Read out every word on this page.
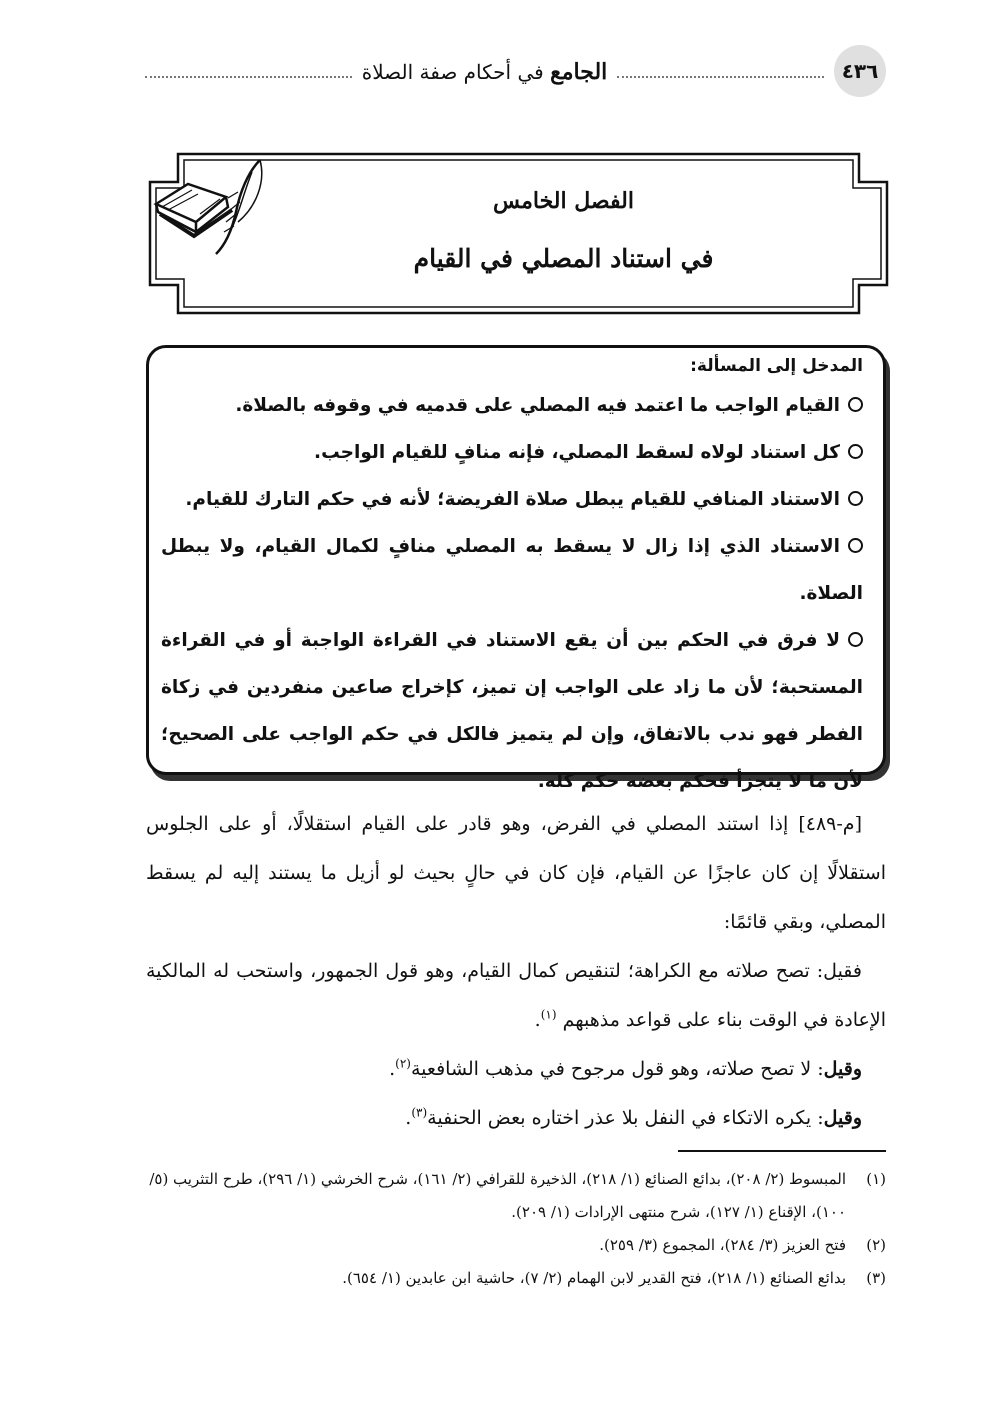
٤٣٦
الجامع في أحكام صفة الصلاة
الفصل الخامس
في استناد المصلي في القيام
المدخل إلى المسألة:
القيام الواجب ما اعتمد فيه المصلي على قدميه في وقوفه بالصلاة.
كل استناد لولاه لسقط المصلي، فإنه منافٍ للقيام الواجب.
الاستناد المنافي للقيام يبطل صلاة الفريضة؛ لأنه في حكم التارك للقيام.
الاستناد الذي إذا زال لا يسقط به المصلي منافٍ لكمال القيام، ولا يبطل الصلاة.
لا فرق في الحكم بين أن يقع الاستناد في القراءة الواجبة أو في القراءة المستحبة؛ لأن ما زاد على الواجب إن تميز، كإخراج صاعين منفردين في زكاة الفطر فهو ندب بالاتفاق، وإن لم يتميز فالكل في حكم الواجب على الصحيح؛ لأن ما لا يتجزأ فحكم بعضه حكم كله.

[م-٤٨٩] إذا استند المصلي في الفرض، وهو قادر على القيام استقلالًا، أو على الجلوس استقلالًا إن كان عاجزًا عن القيام، فإن كان في حالٍ بحيث لو أزيل ما يستند إليه لم يسقط المصلي، وبقي قائمًا:

فقيل: تصح صلاته مع الكراهة؛ لتنقيص كمال القيام، وهو قول الجمهور، واستحب له المالكية الإعادة في الوقت بناء على قواعد مذهبهم $^{(١)}$.

وقيل: لا تصح صلاته، وهو قول مرجوح في مذهب الشافعية$^{(٢)}$.

وقيل: يكره الاتكاء في النفل بلا عذر اختاره بعض الحنفية$^{(٣)}$.

(١)
المبسوط (٢/ ٢٠٨)، بدائع الصنائع (١/ ٢١٨)، الذخيرة للقرافي (٢/ ١٦١)، شرح الخرشي (١/ ٢٩٦)، طرح التثريب (٥/ ١٠٠)، الإقناع (١/ ١٢٧)، شرح منتهى الإرادات (١/ ٢٠٩).
(٢)
فتح العزيز (٣/ ٢٨٤)، المجموع (٣/ ٢٥٩).
(٣)
بدائع الصنائع (١/ ٢١٨)، فتح القدير لابن الهمام (٢/ ٧)، حاشية ابن عابدين (١/ ٦٥٤).
